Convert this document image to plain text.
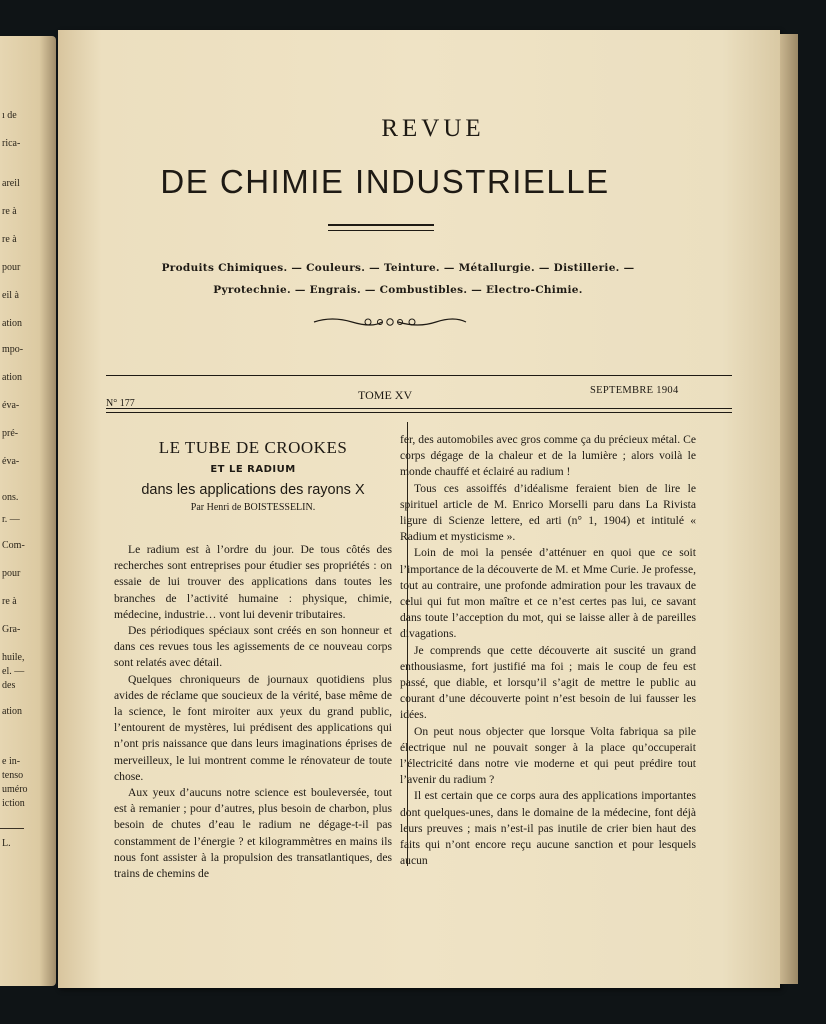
ı de
rica-
areil
re à
re à
pour
eil à
ation
mpo-
ation
éva-
pré-
éva-
ons.
r. —
Com-
pour
re à
Gra-
huile,
el. —
des
ation
e in-
tenso
uméro
iction
L.
REVUE
DE CHIMIE INDUSTRIELLE
Produits Chimiques. — Couleurs. — Teinture. — Métallurgie. — Distillerie. —
Pyrotechnie. — Engrais. — Combustibles. — Electro-Chimie.
N° 177
TOME XV	SEPTEMBRE 1904
LE TUBE DE CROOKES
ET LE RADIUM
dans les applications des rayons X
Par Henri de BOISTESSELIN.

Le radium est à l’ordre du jour. De tous côtés des recherches sont entreprises pour étudier ses propriétés : on essaie de lui trouver des applications dans toutes les branches de l’activité humaine : physique, chimie, médecine, industrie… vont lui devenir tributaires.

Des périodiques spéciaux sont créés en son honneur et dans ces revues tous les agissements de ce nouveau corps sont relatés avec détail.

Quelques chroniqueurs de journaux quotidiens plus avides de réclame que soucieux de la vérité, base même de la science, le font miroiter aux yeux du grand public, l’entourent de mystères, lui prédisent des applications qui n’ont pris naissance que dans leurs imaginations éprises de merveilleux, le lui montrent comme le rénovateur de toute chose.

Aux yeux d’aucuns notre science est bouleversée, tout est à remanier ; pour d’autres, plus besoin de charbon, plus besoin de chutes d’eau le radium ne dégage-t-il pas constamment de l’énergie ? et kilogrammètres en mains ils nous font assister à la propulsion des transatlantiques, des trains de chemins de

fer, des automobiles avec gros comme ça du précieux métal. Ce corps dégage de la chaleur et de la lumière ; alors voilà le monde chauffé et éclairé au radium !

Tous ces assoiffés d’idéalisme feraient bien de lire le spirituel article de M. Enrico Morselli paru dans La Rivista ligure di Scienze lettere, ed arti (n° 1, 1904) et intitulé « Radium et mysticisme ».

Loin de moi la pensée d’atténuer en quoi que ce soit l’importance de la découverte de M. et Mme Curie. Je professe, tout au contraire, une profonde admiration pour les travaux de celui qui fut mon maître et ce n’est certes pas lui, ce savant dans toute l’acception du mot, qui se laisse aller à de pareilles divagations.

Je comprends que cette découverte ait suscité un grand enthousiasme, fort justifié ma foi ; mais le coup de feu est passé, que diable, et lorsqu’il s’agit de mettre le public au courant d’une découverte point n’est besoin de lui fausser les idées.

On peut nous objecter que lorsque Volta fabriqua sa pile électrique nul ne pouvait songer à la place qu’occuperait l’électricité dans notre vie moderne et qui peut prédire tout l’avenir du radium ?

Il est certain que ce corps aura des applications importantes dont quelques-unes, dans le domaine de la médecine, font déjà leurs preuves ; mais n’est-il pas inutile de crier bien haut des faits qui n’ont encore reçu aucune sanction et pour lesquels aucun
